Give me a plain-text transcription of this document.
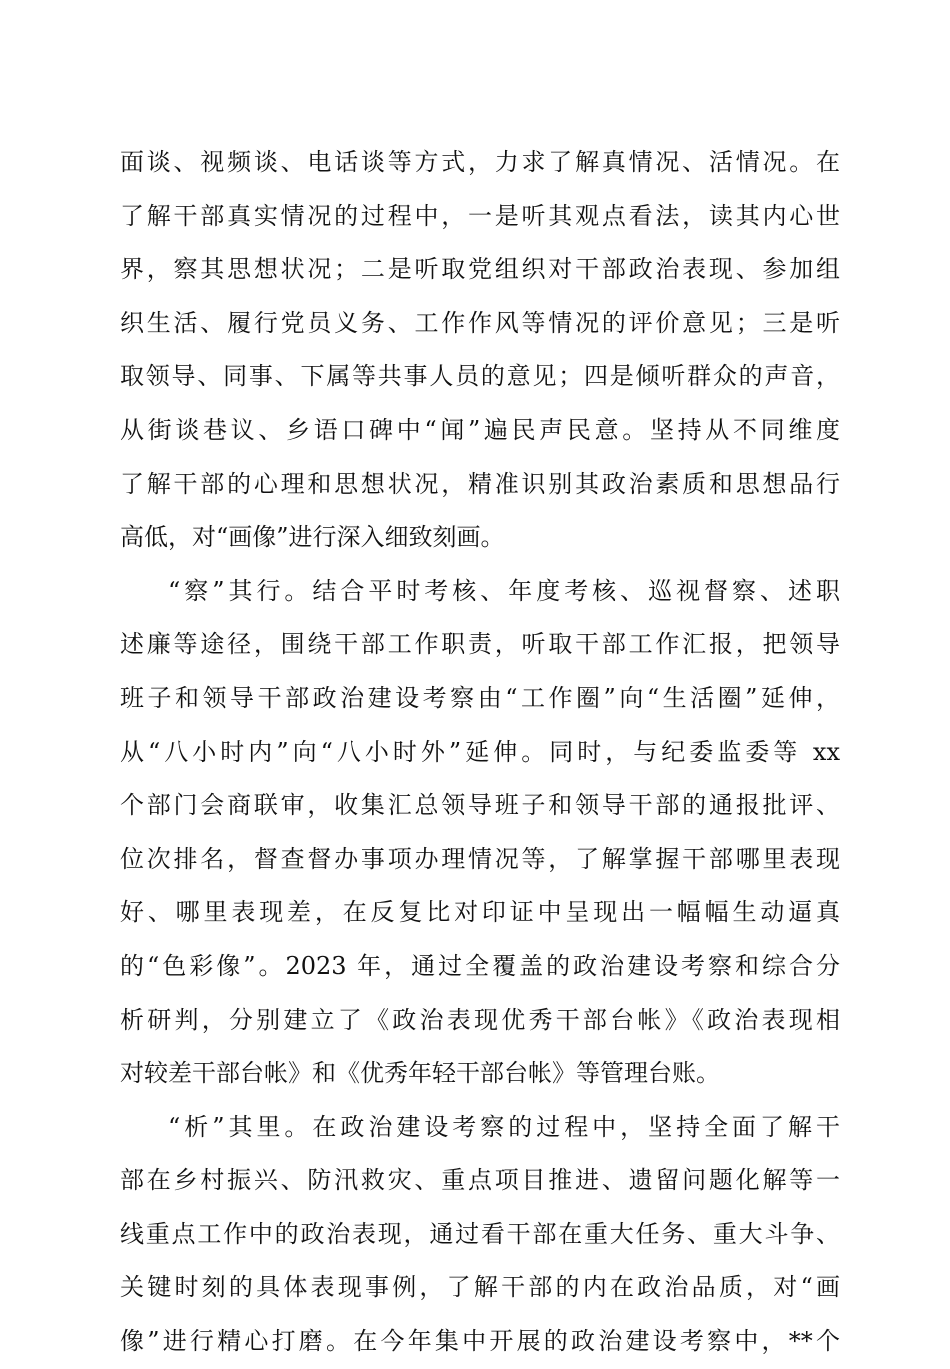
面谈、视频谈、电话谈等方式，力求了解真情况、活情况。在
了解干部真实情况的过程中，一是听其观点看法，读其内心世
界，察其思想状况；二是听取党组织对干部政治表现、参加组
织生活、履行党员义务、工作作风等情况的评价意见；三是听
取领导、同事、下属等共事人员的意见；四是倾听群众的声音，
从街谈巷议、乡语口碑中“闻”遍民声民意。坚持从不同维度
了解干部的心理和思想状况，精准识别其政治素质和思想品行
高低，对“画像”进行深入细致刻画。
“察”其行。结合平时考核、年度考核、巡视督察、述职
述廉等途径，围绕干部工作职责，听取干部工作汇报，把领导
班子和领导干部政治建设考察由“工作圈”向“生活圈”延伸，
从“八小时内”向“八小时外”延伸。同时，与纪委监委等 xx
个部门会商联审，收集汇总领导班子和领导干部的通报批评、
位次排名，督查督办事项办理情况等，了解掌握干部哪里表现
好、哪里表现差，在反复比对印证中呈现出一幅幅生动逼真
的“色彩像”。2023 年，通过全覆盖的政治建设考察和综合分
析研判，分别建立了《政治表现优秀干部台帐》《政治表现相
对较差干部台帐》和《优秀年轻干部台帐》等管理台账。
“析”其里。在政治建设考察的过程中，坚持全面了解干
部在乡村振兴、防汛救灾、重点项目推进、遗留问题化解等一
线重点工作中的政治表现，通过看干部在重大任务、重大斗争、
关键时刻的具体表现事例，了解干部的内在政治品质，对“画
像”进行精心打磨。在今年集中开展的政治建设考察中，**个
